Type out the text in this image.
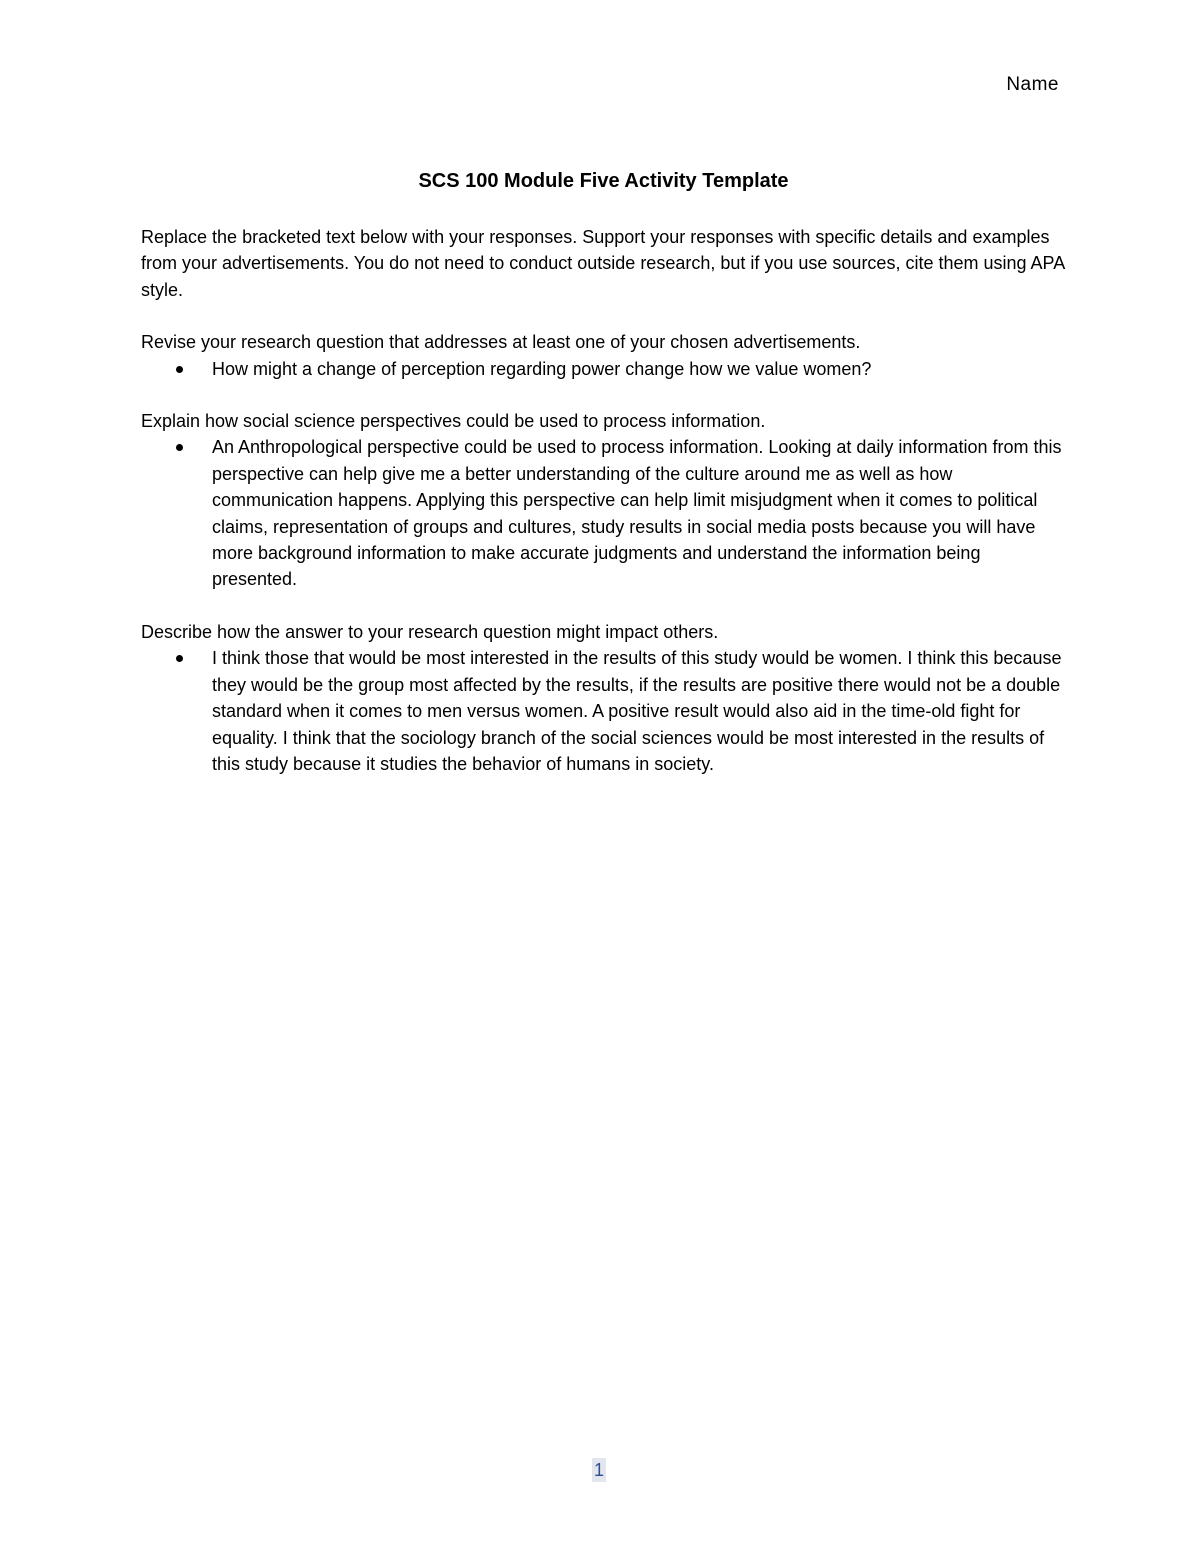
Name
SCS 100 Module Five Activity Template

Replace the bracketed text below with your responses. Support your responses with specific details and examples from your advertisements. You do not need to conduct outside research, but if you use sources, cite them using APA style.

Revise your research question that addresses at least one of your chosen advertisements.

How might a change of perception regarding power change how we value women?

Explain how social science perspectives could be used to process information.

An Anthropological perspective could be used to process information. Looking at daily information from this perspective can help give me a better understanding of the culture around me as well as how communication happens. Applying this perspective can help limit misjudgment when it comes to political claims, representation of groups and cultures, study results in social media posts because you will have more background information to make accurate judgments and understand the information being presented.

Describe how the answer to your research question might impact others.

I think those that would be most interested in the results of this study would be women. I think this because they would be the group most affected by the results, if the results are positive there would not be a double standard when it comes to men versus women. A positive result would also aid in the time-old fight for equality. I think that the sociology branch of the social sciences would be most interested in the results of this study because it studies the behavior of humans in society.
1
